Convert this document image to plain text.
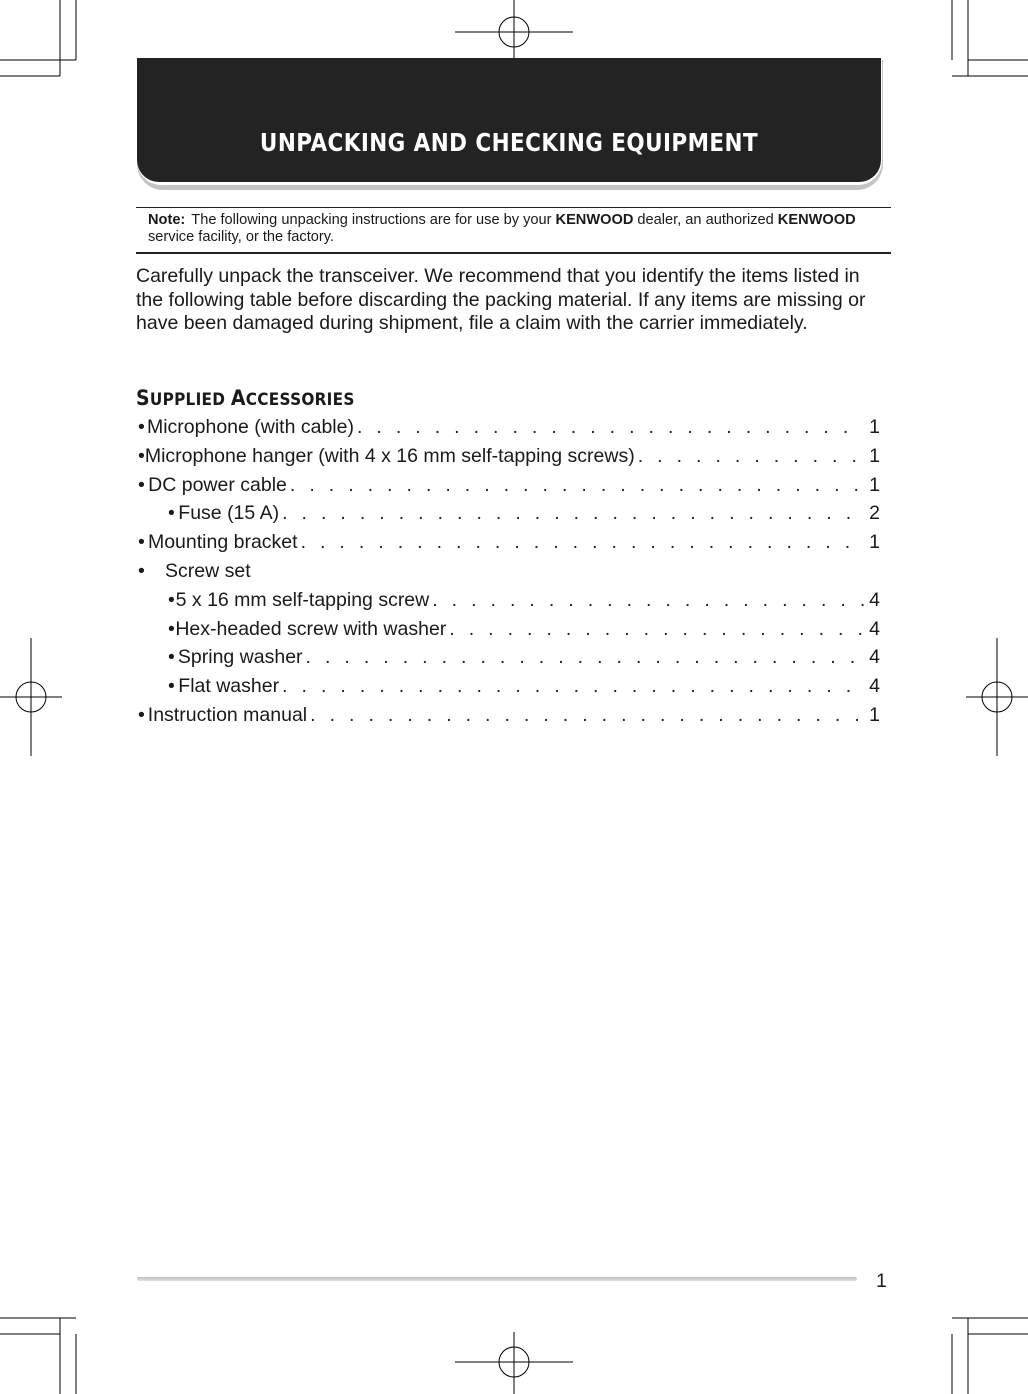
UNPACKING AND CHECKING EQUIPMENT
Note: The following unpacking instructions are for use by your KENWOOD dealer, an authorized KENWOOD service facility, or the factory.

Carefully unpack the transceiver. We recommend that you identify the items listed in the following table before discarding the packing material. If any items are missing or have been damaged during shipment, file a claim with the carrier immediately.

SUPPLIED ACCESSORIES
• Microphone (with cable) . . .	1
• Microphone hanger (with 4 x 16 mm self-tapping screws) . . .	1
• DC power cable . . .	1
• Fuse (15 A) . . .	2
• Mounting bracket . . .	1
•	Screw set
• 5 x 16 mm self-tapping screw . . .	4
• Hex-headed screw with washer . . .	4
• Spring washer . . .	4
• Flat washer . . .	4
• Instruction manual . . .	1
1
